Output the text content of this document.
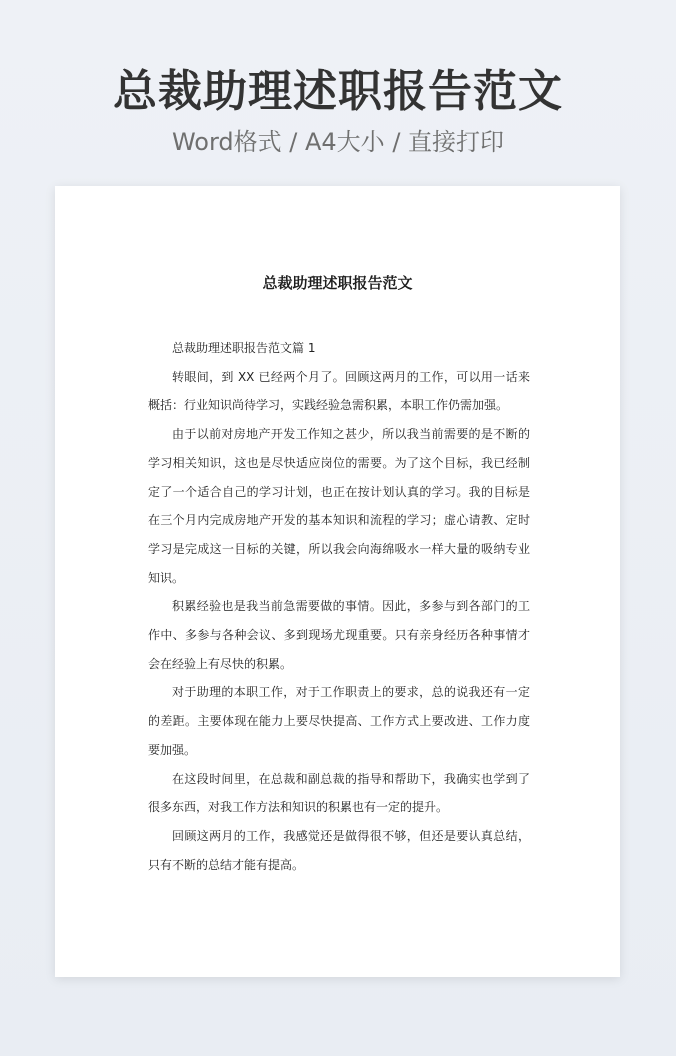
总裁助理述职报告范文
Word格式 / A4大小 / 直接打印
总裁助理述职报告范文

总裁助理述职报告范文篇 1

转眼间，到 XX 已经两个月了。回顾这两月的工作，可以用一话来概括：行业知识尚待学习，实践经验急需积累，本职工作仍需加强。

由于以前对房地产开发工作知之甚少，所以我当前需要的是不断的学习相关知识，这也是尽快适应岗位的需要。为了这个目标，我已经制定了一个适合自己的学习计划，也正在按计划认真的学习。我的目标是在三个月内完成房地产开发的基本知识和流程的学习；虚心请教、定时学习是完成这一目标的关键，所以我会向海绵吸水一样大量的吸纳专业知识。

积累经验也是我当前急需要做的事情。因此，多参与到各部门的工作中、多参与各种会议、多到现场尤现重要。只有亲身经历各种事情才会在经验上有尽快的积累。

对于助理的本职工作，对于工作职责上的要求，总的说我还有一定的差距。主要体现在能力上要尽快提高、工作方式上要改进、工作力度要加强。

在这段时间里，在总裁和副总裁的指导和帮助下，我确实也学到了很多东西，对我工作方法和知识的积累也有一定的提升。

回顾这两月的工作，我感觉还是做得很不够，但还是要认真总结，只有不断的总结才能有提高。
